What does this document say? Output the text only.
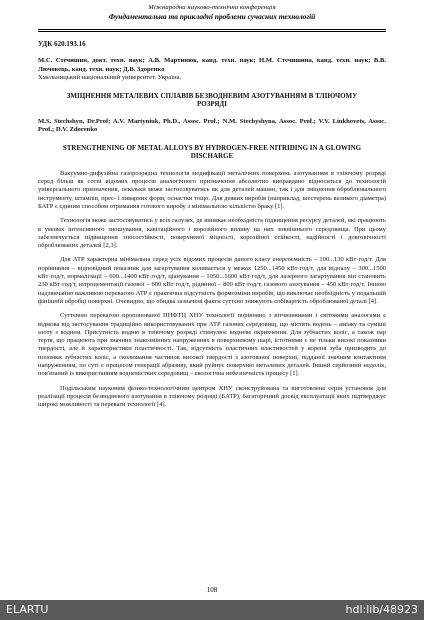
Міжнародна науково-технічна конференція
Фундаментальна та прикладні проблеми сучасних технологій
УДК 620.193.16
М.С. Стечишин, докт. техн. наук; А.В. Мартинюк, канд. техн. наук; Н.М. Стечишина, канд. техн. наук; В.В. Лючовець, канд. техн. наук; Д.В. Здоренко
Хмельницький національний університет. Україна.
ЗМІЦНЕННЯ МЕТАЛЕВИХ СПЛАВІВ БЕЗВОДНЕВИМ АЗОТУВАННЯМ В ТЛІЮЧОМУ РОЗРЯДІ
M.S. Stechshyn, Dr.Prof; A.V. Martyniuk, Ph.D., Assoc. Prof.; N.M. Stechyshyna, Assoc. Prof.; V.V. Liukhovets, Assoc. Prof.; D.V. Zdorenko
STRENGTHENING OF METAL ALLOYS BY HYDROGEN-FREE NITRIDING IN A GLOWING DISCHARGE

Вакуумно-дифузійна газорозрядна технологія модифікації металічних поверхонь азотуванням в тліючому розряді серед більш як сотні відомих процесів аналогічного призначення абсолютно виправдано відноситься до технологій універсального призначення, оскільки може застосовуватись як для деталей машин, так і для зміцнення оброблювального інструменту, штампів, прес- і ливарних форм, оснастки тощо. Для деяких виробів (наприклад, шестерень великого діаметра) БАТР є єдиним способом отримання готового виробу з мінімальною кількістю браку [1].

Технологія може застосовуватись у всіх галузях, де виникає необхідність підвищення ресурсу деталей, які працюють в умовах інтенсивного зношування, кавітаційного і корозійного впливу на них зовнішнього середовища. При цьому забезпечується підвищення зносостійкості, поверхневої міцності, корозійної стійкості, надійності і довговічності оброблюваних деталей [2,3].

Для АТР характерна мінімальна серед усіх відомих процесів даного класу енергоємність – 100...130 кВт·год/т. Для порівняння – відповідний показник для загартування коливається у межах 1250...1450 кВт·год/т, для відпалу – 300...1500 кВт·год/т, нормалізації – 600...1400 кВт·год/т, ціанування – 1050...1600 кВт·год/т, для лазерного загартування він становить 230 кВт·год/т, нітроцементації газової – 600 кВт·год/т, рідинної – 800 кВт·год/т, газового азотування – 450 кВт·год/т. Іншою надзвичайно важливою перевагою АТР є практична відсутність формозміни виробів, що виключає необхідність у подальшій фінішній обробці поверхні. Очевидно, що обидва зазначені факти суттєво знижують собівартість оброблюваної деталі [4].

Суттєвою перевагою пропонованої ПНФТЦ ХНУ технології порівняно з вітчизняними і світовими аналогами є відмова від застосування традиційно використовуваних при АТР газових середовищ, що містять водень – аміаку та суміші азоту з воднем. Присутність водню в тліючому розряді стимулює водневе окрихчення. Для зубчастих коліс, а також пар тертя, що працюють при значних знакозмінних напруженнях в поверхневому шарі, істотними є не тільки високі показники твердості, але й характеристики пластичності. Так, відсутність пластичних властивостей у кореня зуба призводить до поломки зубчастих коліс, а сколювання частинок високої твердості з азотованої поверхні, підданої значним контактним напруженням, по суті є процесом генерації абразиву, який руйнує поверхню металевих деталей. Інший серйозний недолік, пов'язаний із використанням воднемістких середовищ – екологічна небезпечність процесу [1].

Подільським науковим фізико-технологічним центром ХНУ сконструйована та виготовлена серія установок для реалізації процесів безводневого азотування в тліючому розряді (БАТР), багаторічний досвід експлуатації яких підтверджує широкі можливості та переваги технології [4].

108
ELARTU	hdl:lib/48923
